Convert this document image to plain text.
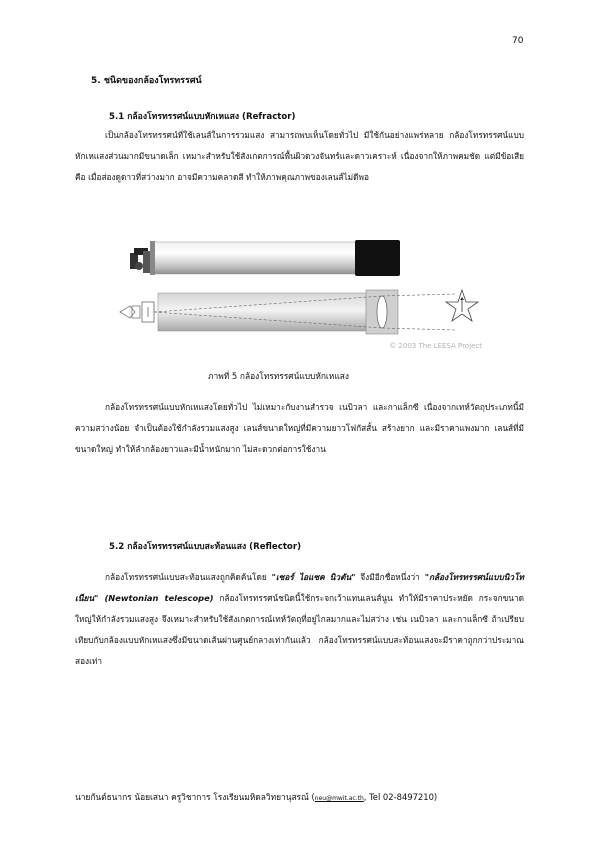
70
5. ชนิดของกล้องโทรทรรศน์
5.1 กล้องโทรทรรศน์แบบหักเหแสง (Refractor)
เป็นกล้องโทรทรรศน์ที่ใช้เลนส์ในการรวมแสง สามารถพบเห็นโดยทั่วไป มีใช้กันอย่างแพร่หลาย กล้องโทรทรรศน์แบบหักเหแสงส่วนมากมีขนาดเล็ก เหมาะสำหรับใช้สังเกตการณ์พื้นผิวดวงจันทร์และดาวเคราะห์ เนื่องจากให้ภาพคมชัด แต่มีข้อเสียคือ เมื่อส่องดูดาวที่สว่างมาก อาจมีความคลาดสี ทำให้ภาพคุณภาพของเลนส์ไม่ดีพอ
© 2003 The LEESA Project
ภาพที่ 5 กล้องโทรทรรศน์แบบหักเหแสง
กล้องโทรทรรศน์แบบหักเหแสงโดยทั่วไป ไม่เหมาะกับงานสำรวจ เนบิวลา และกาแล็กซี เนื่องจากเทห์วัตถุประเภทนี้มีความสว่างน้อย จำเป็นต้องใช้กำลังรวมแสงสูง เลนส์ขนาดใหญ่ที่มีความยาวโฟกัสสั้น สร้างยาก และมีราคาแพงมาก เลนส์ที่มีขนาดใหญ่ ทำให้ลำกล้องยาวและมีน้ำหนักมาก ไม่สะดวกต่อการใช้งาน
5.2 กล้องโทรทรรศน์แบบสะท้อนแสง (Reflector)
กล้องโทรทรรศน์แบบสะท้อนแสงถูกคิดค้นโดย "เซอร์ ไอแซค นิวตัน" จึงมีอีกชื่อหนึ่งว่า "กล้องโทรทรรศน์แบบนิวโทเนียน" (Newtonian telescope) กล้องโทรทรรศน์ชนิดนี้ใช้กระจกเว้าแทนเลนส์นูน ทำให้มีราคาประหยัด กระจกขนาดใหญ่ให้กำลังรวมแสงสูง จึงเหมาะสำหรับใช้สังเกตการณ์เทห์วัตถุที่อยู่ไกลมากและไม่สว่าง เช่น เนบิวลา และกาแล็กซี ถ้าเปรียบเทียบกับกล้องแบบหักเหแสงซึ่งมีขนาดเส้นผ่านศูนย์กลางเท่ากันแล้ว กล้องโทรทรรศน์แบบสะท้อนแสงจะมีราคาถูกกว่าประมาณสองเท่า
นายกันต์ธนากร น้อยเสนา ครูวิชาการ โรงเรียนมหิดลวิทยานุสรณ์ (neu@mwit.ac.th, Tel 02-8497210)
